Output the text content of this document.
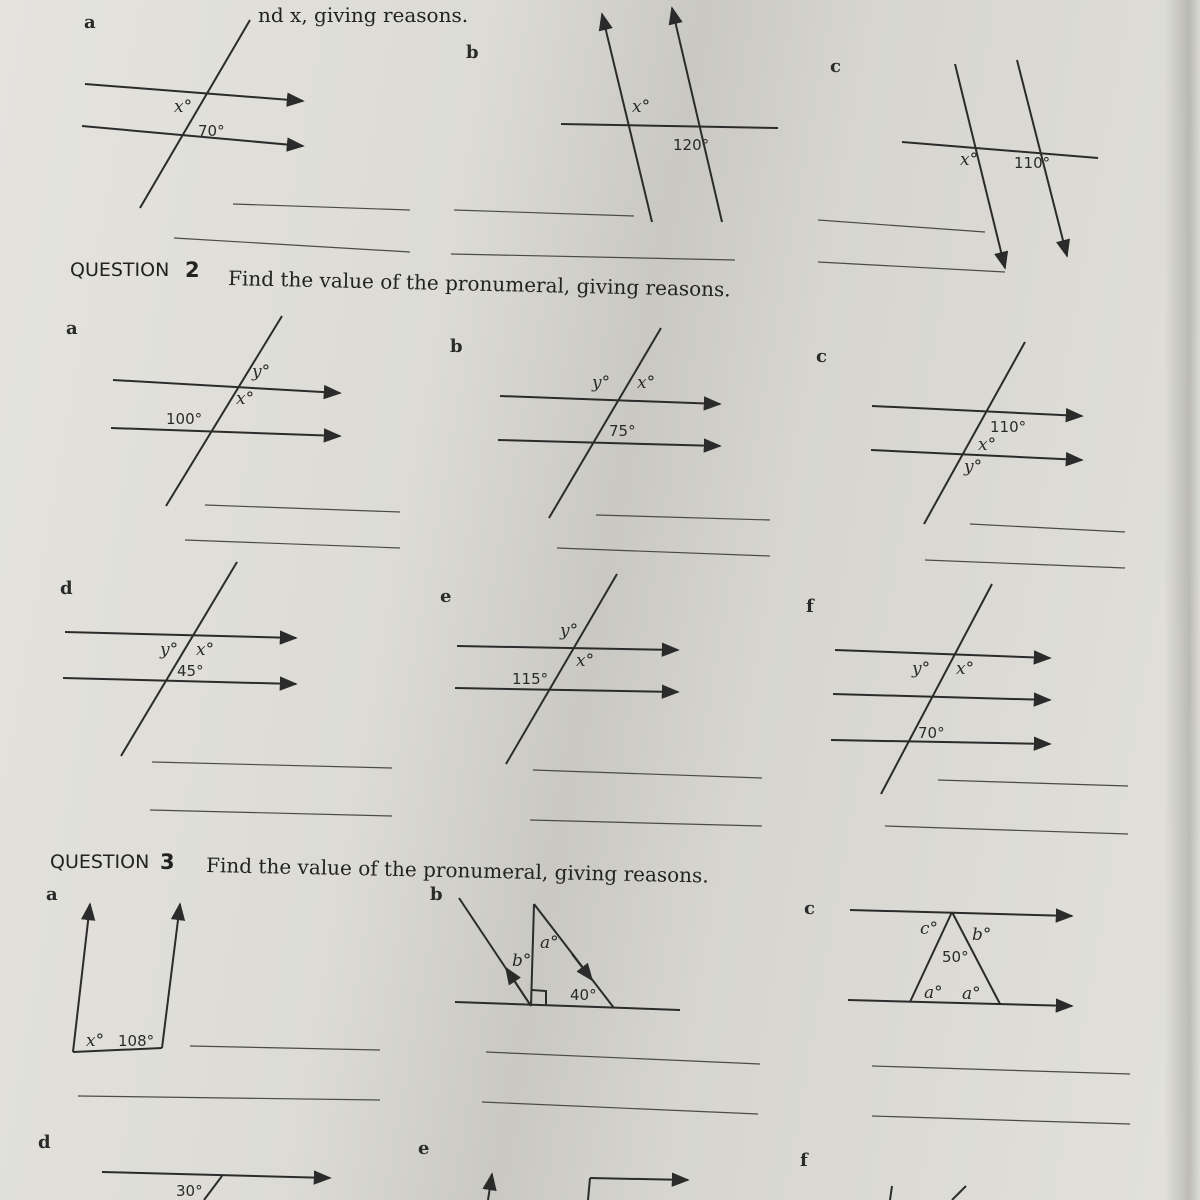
nd x, giving reasons.
a
x°
70°
b
x°
120°
c
x° 110°
QUESTION 2 Find the value of the pronumeral, giving reasons.
a
y°
x°
100°
b
y° x°
75°
c
110°
x°
y°
d
y° x°
45°
e
y°
x°
115°
f
y° x°
70°
QUESTION 3 Find the value of the pronumeral, giving reasons.
a
x° 108°
b
a°
b°
40°
c
c° b°
50°
a° a°
d
30°
e
f
